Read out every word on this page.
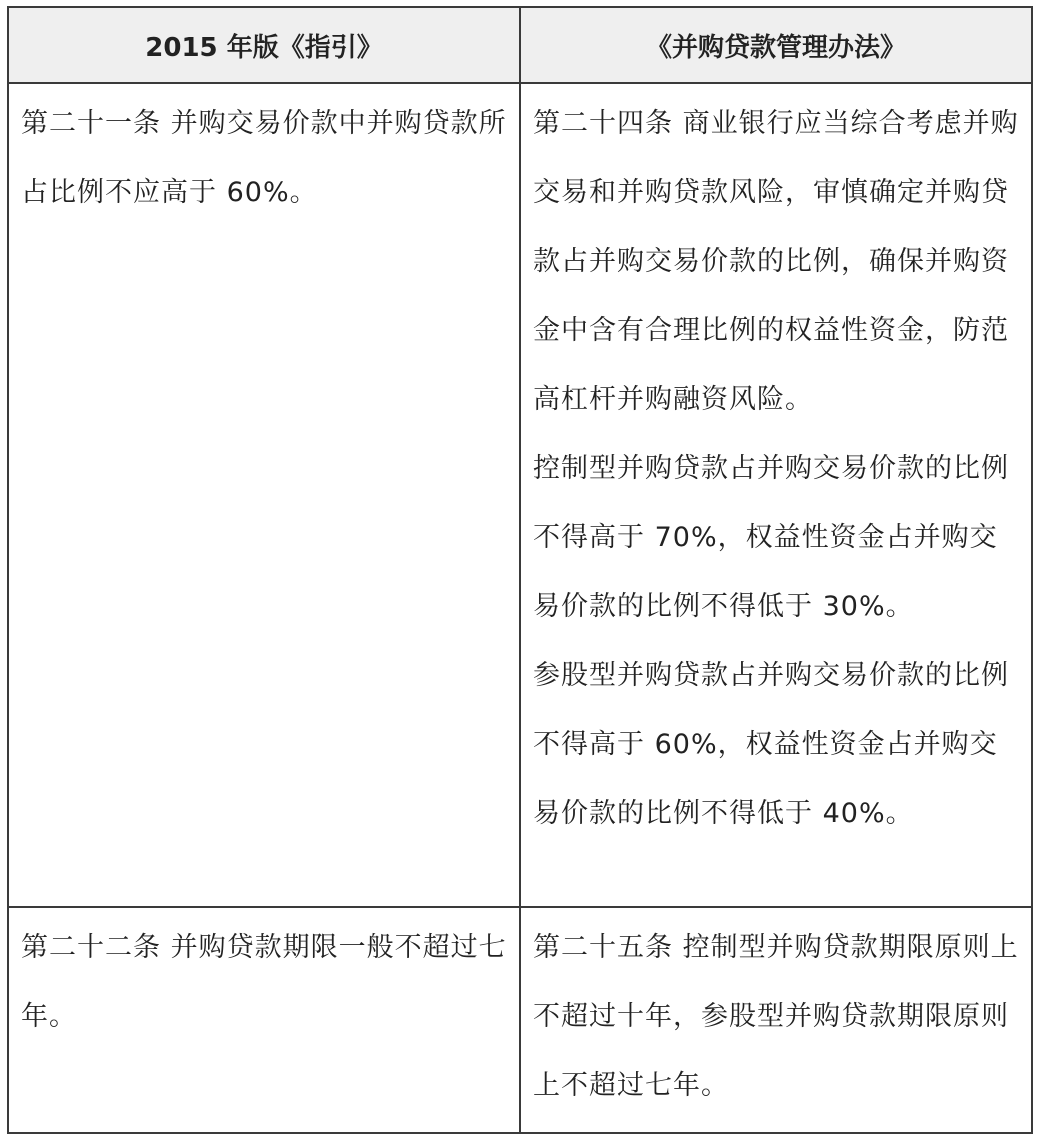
2015 年版《指引》	《并购贷款管理办法》

第二十一条 并购交易价款中并购贷款所占比例不应高于 60%。	第二十四条 商业银行应当综合考虑并购交易和并购贷款风险，审慎确定并购贷款占并购交易价款的比例，确保并购资金中含有合理比例的权益性资金，防范高杠杆并购融资风险。

控制型并购贷款占并购交易价款的比例不得高于 70%，权益性资金占并购交易价款的比例不得低于 30%。

参股型并购贷款占并购交易价款的比例不得高于 60%，权益性资金占并购交易价款的比例不得低于 40%。

第二十二条 并购贷款期限一般不超过七年。	第二十五条 控制型并购贷款期限原则上不超过十年，参股型并购贷款期限原则上不超过七年。
